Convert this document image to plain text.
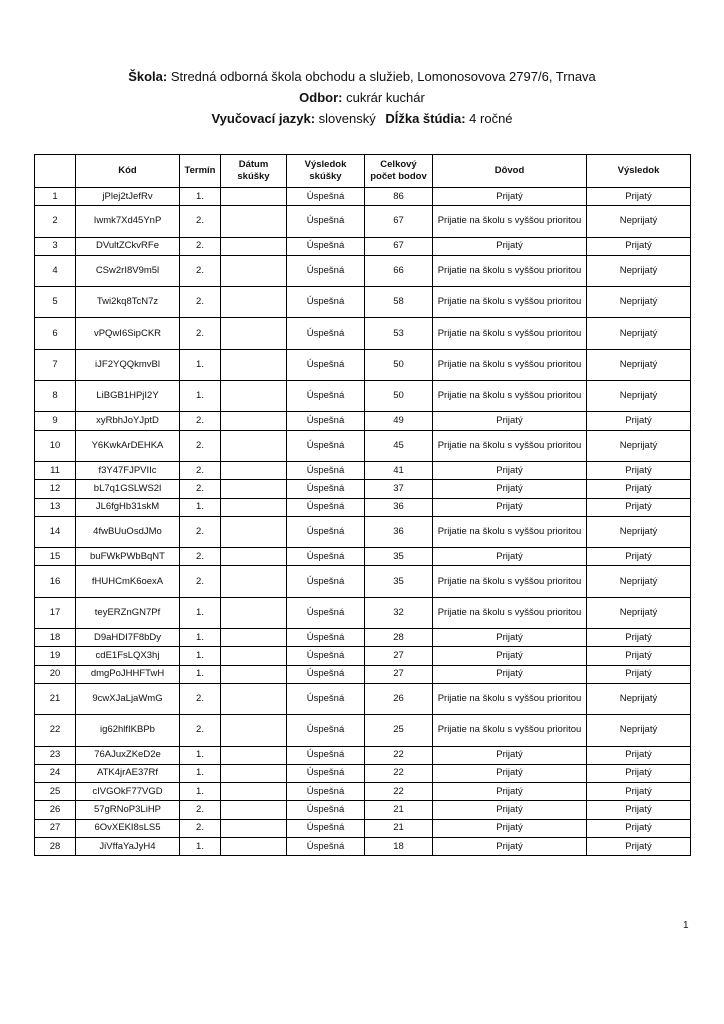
Škola: Stredná odborná škola obchodu a služieb, Lomonosovova 2797/6, Trnava
Odbor: cukrár kuchár
Vyučovací jazyk: slovenský Dĺžka štúdia: 4 ročné
	Kód	Termín	Dátum skúšky	Výsledok skúšky	Celkový počet bodov	Dôvod	Výsledok
1	jPlej2tJefRv	1.		Úspešná	86	Prijatý	Prijatý
2	Iwmk7Xd45YnP	2.		Úspešná	67	Prijatie na školu s vyššou prioritou	Neprijatý
3	DVultZCkvRFe	2.		Úspešná	67	Prijatý	Prijatý
4	CSw2rI8V9m5l	2.		Úspešná	66	Prijatie na školu s vyššou prioritou	Neprijatý
5	Twi2kq8TcN7z	2.		Úspešná	58	Prijatie na školu s vyššou prioritou	Neprijatý
6	vPQwI6SipCKR	2.		Úspešná	53	Prijatie na školu s vyššou prioritou	Neprijatý
7	iJF2YQQkmvBl	1.		Úspešná	50	Prijatie na školu s vyššou prioritou	Neprijatý
8	LiBGB1HPjI2Y	1.		Úspešná	50	Prijatie na školu s vyššou prioritou	Neprijatý
9	xyRbhJoYJptD	2.		Úspešná	49	Prijatý	Prijatý
10	Y6KwkArDEHKA	2.		Úspešná	45	Prijatie na školu s vyššou prioritou	Neprijatý
11	f3Y47FJPVIIc	2.		Úspešná	41	Prijatý	Prijatý
12	bL7q1GSLWS2l	2.		Úspešná	37	Prijatý	Prijatý
13	JL6fgHb31skM	1.		Úspešná	36	Prijatý	Prijatý
14	4fwBUuOsdJMo	2.		Úspešná	36	Prijatie na školu s vyššou prioritou	Neprijatý
15	buFWkPWbBqNT	2.		Úspešná	35	Prijatý	Prijatý
16	fHUHCmK6oexA	2.		Úspešná	35	Prijatie na školu s vyššou prioritou	Neprijatý
17	teyERZnGN7Pf	1.		Úspešná	32	Prijatie na školu s vyššou prioritou	Neprijatý
18	D9aHDI7F8bDy	1.		Úspešná	28	Prijatý	Prijatý
19	cdE1FsLQX3hj	1.		Úspešná	27	Prijatý	Prijatý
20	dmgPoJHHFTwH	1.		Úspešná	27	Prijatý	Prijatý
21	9cwXJaLjaWmG	2.		Úspešná	26	Prijatie na školu s vyššou prioritou	Neprijatý
22	ig62hlfIKBPb	2.		Úspešná	25	Prijatie na školu s vyššou prioritou	Neprijatý
23	76AJuxZKeD2e	1.		Úspešná	22	Prijatý	Prijatý
24	ATK4jrAE37Rf	1.		Úspešná	22	Prijatý	Prijatý
25	cIVGOkF77VGD	1.		Úspešná	22	Prijatý	Prijatý
26	57gRNoP3LiHP	2.		Úspešná	21	Prijatý	Prijatý
27	6OvXEKI8sLS5	2.		Úspešná	21	Prijatý	Prijatý
28	JiVffaYaJyH4	1.		Úspešná	18	Prijatý	Prijatý
1
